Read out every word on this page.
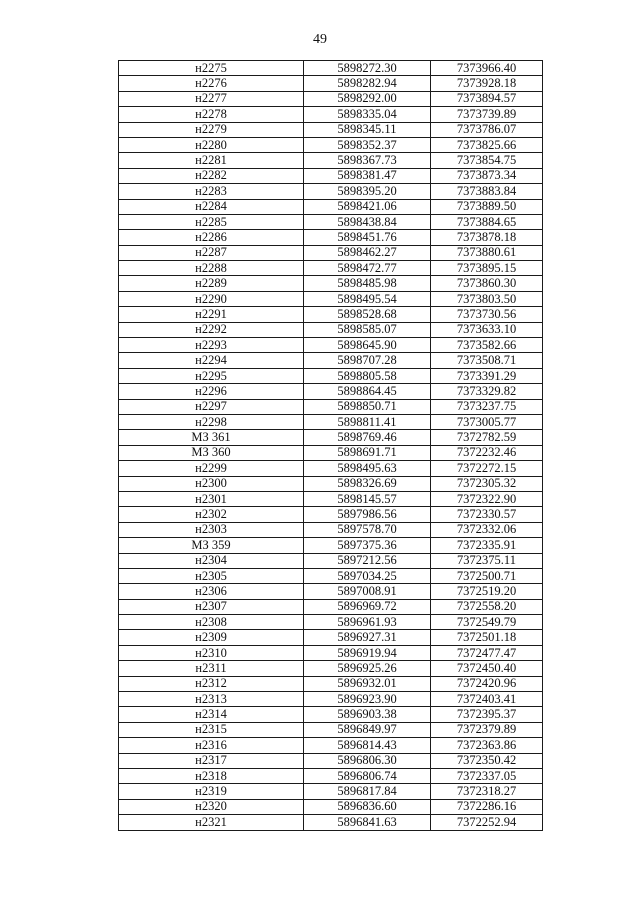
49
н2275	5898272.30	7373966.40
н2276	5898282.94	7373928.18
н2277	5898292.00	7373894.57
н2278	5898335.04	7373739.89
н2279	5898345.11	7373786.07
н2280	5898352.37	7373825.66
н2281	5898367.73	7373854.75
н2282	5898381.47	7373873.34
н2283	5898395.20	7373883.84
н2284	5898421.06	7373889.50
н2285	5898438.84	7373884.65
н2286	5898451.76	7373878.18
н2287	5898462.27	7373880.61
н2288	5898472.77	7373895.15
н2289	5898485.98	7373860.30
н2290	5898495.54	7373803.50
н2291	5898528.68	7373730.56
н2292	5898585.07	7373633.10
н2293	5898645.90	7373582.66
н2294	5898707.28	7373508.71
н2295	5898805.58	7373391.29
н2296	5898864.45	7373329.82
н2297	5898850.71	7373237.75
н2298	5898811.41	7373005.77
МЗ 361	5898769.46	7372782.59
МЗ 360	5898691.71	7372232.46
н2299	5898495.63	7372272.15
н2300	5898326.69	7372305.32
н2301	5898145.57	7372322.90
н2302	5897986.56	7372330.57
н2303	5897578.70	7372332.06
МЗ 359	5897375.36	7372335.91
н2304	5897212.56	7372375.11
н2305	5897034.25	7372500.71
н2306	5897008.91	7372519.20
н2307	5896969.72	7372558.20
н2308	5896961.93	7372549.79
н2309	5896927.31	7372501.18
н2310	5896919.94	7372477.47
н2311	5896925.26	7372450.40
н2312	5896932.01	7372420.96
н2313	5896923.90	7372403.41
н2314	5896903.38	7372395.37
н2315	5896849.97	7372379.89
н2316	5896814.43	7372363.86
н2317	5896806.30	7372350.42
н2318	5896806.74	7372337.05
н2319	5896817.84	7372318.27
н2320	5896836.60	7372286.16
н2321	5896841.63	7372252.94
